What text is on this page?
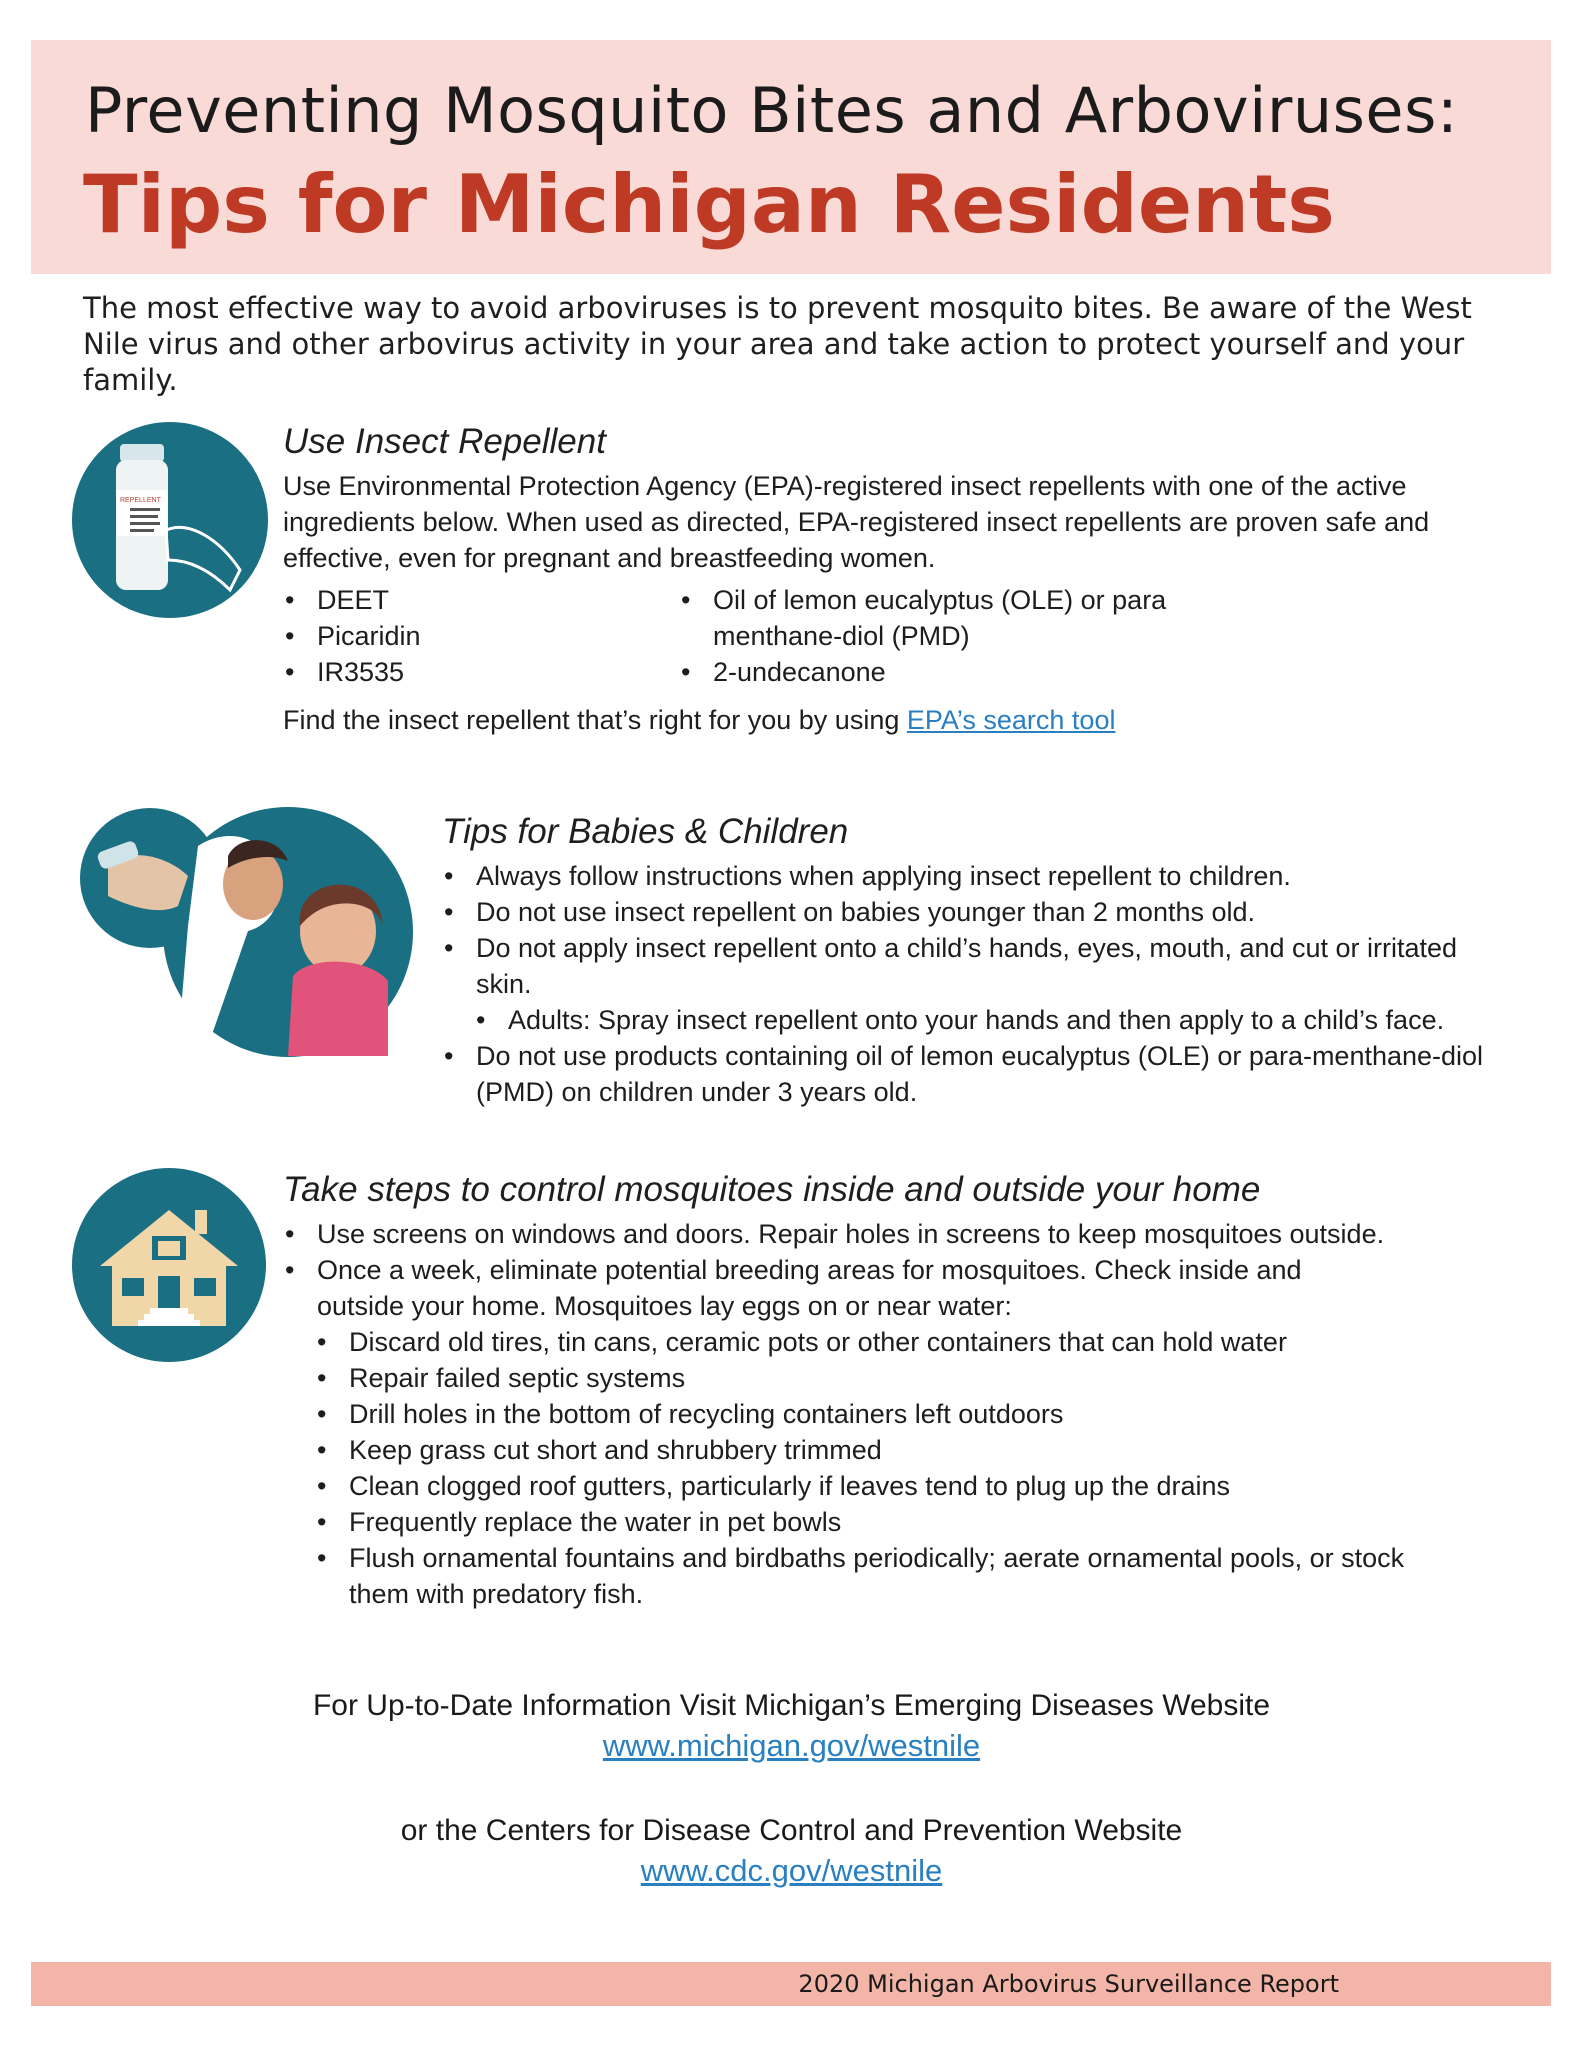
Preventing Mosquito Bites and Arboviruses:
Tips for Michigan Residents
The most effective way to avoid arboviruses is to prevent mosquito bites. Be aware of the West Nile virus and other arbovirus activity in your area and take action to protect yourself and your family.
REPELLENT
Use Insect Repellent

Use Environmental Protection Agency (EPA)-registered insect repellents with one of the active ingredients below. When used as directed, EPA-registered insect repellents are proven safe and effective, even for pregnant and breastfeeding women.

• DEET
• Picaridin
• IR3535
• Oil of lemon eucalyptus (OLE) or para menthane-diol (PMD)
• 2-undecanone

Find the insect repellent that’s right for you by using EPA’s search tool

Tips for Babies & Children
• Always follow instructions when applying insect repellent to children.
• Do not use insect repellent on babies younger than 2 months old.
• Do not apply insect repellent onto a child’s hands, eyes, mouth, and cut or irritated skin.
• Adults: Spray insect repellent onto your hands and then apply to a child’s face.
• Do not use products containing oil of lemon eucalyptus (OLE) or para-menthane-diol (PMD) on children under 3 years old.
Take steps to control mosquitoes inside and outside your home
• Use screens on windows and doors. Repair holes in screens to keep mosquitoes outside.
• Once a week, eliminate potential breeding areas for mosquitoes. Check inside and outside your home. Mosquitoes lay eggs on or near water:
• Discard old tires, tin cans, ceramic pots or other containers that can hold water
• Repair failed septic systems
• Drill holes in the bottom of recycling containers left outdoors
• Keep grass cut short and shrubbery trimmed
• Clean clogged roof gutters, particularly if leaves tend to plug up the drains
• Frequently replace the water in pet bowls
• Flush ornamental fountains and birdbaths periodically; aerate ornamental pools, or stock them with predatory fish.
For Up-to-Date Information Visit Michigan’s Emerging Diseases Website
www.michigan.gov/westnile
or the Centers for Disease Control and Prevention Website
www.cdc.gov/westnile
2020 Michigan Arbovirus Surveillance Report
